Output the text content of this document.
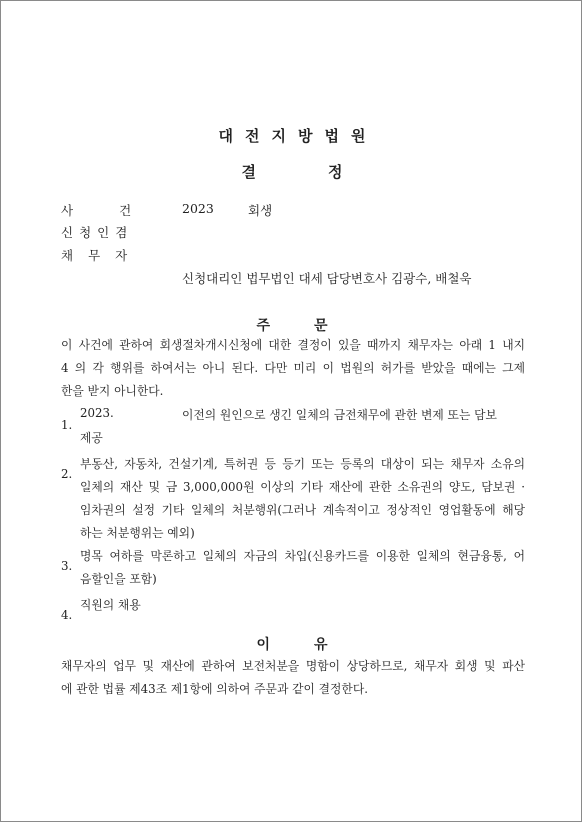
대전지방법원

결	정

사	건	2023	회생

신 청 인 겸

채 무 자

신청대리인 법무법인 대세 담당변호사 김광수, 배철욱

주	문

이 사건에 관하여 회생절차개시신청에 대한 결정이 있을 때까지 채무자는 아래 1 내지

4 의 각 행위를 하여서는 아니 된다. 다만 미리 이 법원의 허가를 받았을 때에는 그제

한을 받지 아니한다.

1.

2023.	이전의 원인으로 생긴 일체의 금전채무에 관한 변제 또는 담보

제공

2.

부동산, 자동차, 건설기계, 특허권 등 등기 또는 등록의 대상이 되는 채무자 소유의

일체의 재산 및 금 3,000,000원 이상의 기타 재산에 관한 소유권의 양도, 담보권 ·

임차권의 설정 기타 일체의 처분행위(그러나 계속적이고 정상적인 영업활동에 해당

하는 처분행위는 예외)

3.

명목 여하를 막론하고 일체의 자금의 차입(신용카드를 이용한 일체의 현금융통, 어

음할인을 포함)

4.

직원의 채용

이	유

채무자의 업무 및 재산에 관하여 보전처분을 명함이 상당하므로, 채무자 회생 및 파산

에 관한 법률 제43조 제1항에 의하여 주문과 같이 결정한다.
